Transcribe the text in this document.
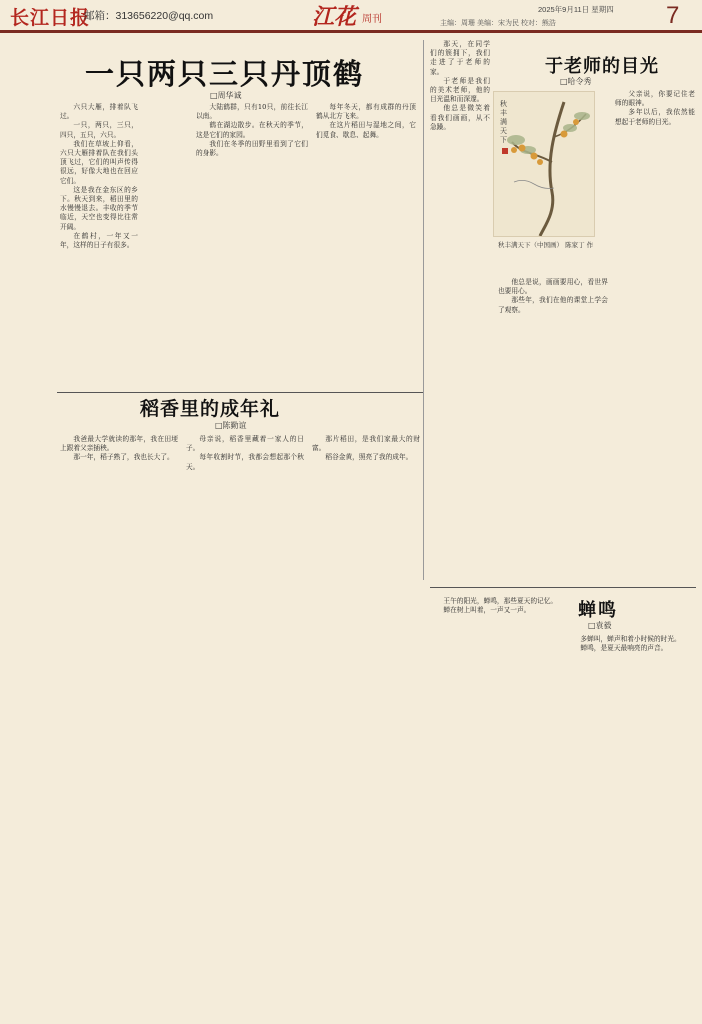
长江日报
邮箱：313656220@qq.com	江花 周刊
2025年9月11日 星期四
主编：周珊 美编：宋为民 校对：熊浩	7
一只两只三只丹顶鹤
□周华诚

六只大雁，排着队飞过。

一只，两只，三只，四只，五只，六只。

我们在草坡上仰看，六只大雁排着队在我们头顶飞过，它们的叫声传得很远，好像大地也在回应它们。

这是我在金东区的乡下。秋天到来，稻田里的水慢慢退去。丰收的季节临近，天空也变得比往常开阔。

在鹤村，一年又一年，这样的日子有很多。

大陆鹤群，只有10只，前往长江以南。

鹤在湖边散步。在秋天的季节，这是它们的家园。

我们在冬季的田野里看到了它们的身影。

每年冬天，都有成群的丹顶鹤从北方飞来。

在这片稻田与湿地之间，它们觅食、歇息、起舞。

于老师的目光
□哈令秀

那天，在同学们的簇拥下，我们走进了于老师的家。

于老师是我们的美术老师，他的目光温和而深邃。

他总是微笑着看我们画画，从不急躁。

他总是说，画画要用心，看世界也要用心。

那些年，我们在他的课堂上学会了观察。

父亲说，你要记住老师的眼神。

多年以后，我依然能想起于老师的目光。

秋
丰
满
天
下
秋丰满天下（中国画） 陈家丁 作
稻香里的成年礼
□陈勤谊

我爸最大学就读的那年，我在田埂上跟着父亲插秧。

那一年，稻子熟了，我也长大了。

母亲说，稻香里藏着一家人的日子。

每年收割时节，我都会想起那个秋天。

那片稻田，是我们家最大的财富。

稻谷金黄，照亮了我的成年。

蝉鸣
□袁毅

王午的阳光，蝉鸣，那些夏天的记忆。

蝉在树上叫着，一声又一声。

多蝉叫，蝉声和着小时候的时光。

蝉鸣，是夏天最响亮的声音。
